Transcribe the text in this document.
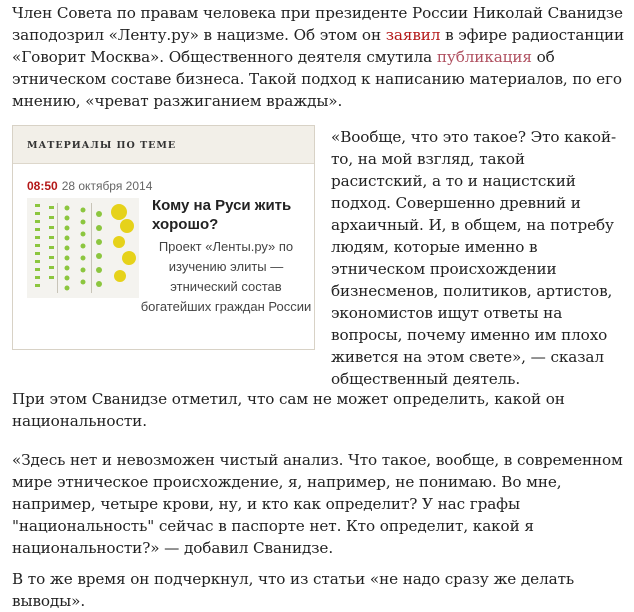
Член Совета по правам человека при президенте России Николай Сванидзе заподозрил «Ленту.ру» в нацизме. Об этом он заявил в эфире радиостанции «Говорит Москва». Общественного деятеля смутила публикация об этническом составе бизнеса. Такой подход к написанию материалов, по его мнению, «чреват разжиганием вражды».

МАТЕРИАЛЫ ПО ТЕМЕ

08:50 28 октября 2014
Кому на Руси жить хорошо?

Проект «Ленты.ру» по изучению элиты — этнический состав богатейших граждан России

«Вообще, что это такое? Это какой-то, на мой взгляд, такой расистский, а то и нацистский подход. Совершенно древний и архаичный. И, в общем, на потребу людям, которые именно в этническом происхождении бизнесменов, политиков, артистов, экономистов ищут ответы на вопросы, почему именно им плохо живется на этом свете», — сказал общественный деятель.

При этом Сванидзе отметил, что сам не может определить, какой он национальности.

«Здесь нет и невозможен чистый анализ. Что такое, вообще, в современном мире этническое происхождение, я, например, не понимаю. Во мне, например, четыре крови, ну, и кто как определит? У нас графы "национальность" сейчас в паспорте нет. Кто определит, какой я национальности?» — добавил Сванидзе.

В то же время он подчеркнул, что из статьи «не надо сразу же делать выводы».
